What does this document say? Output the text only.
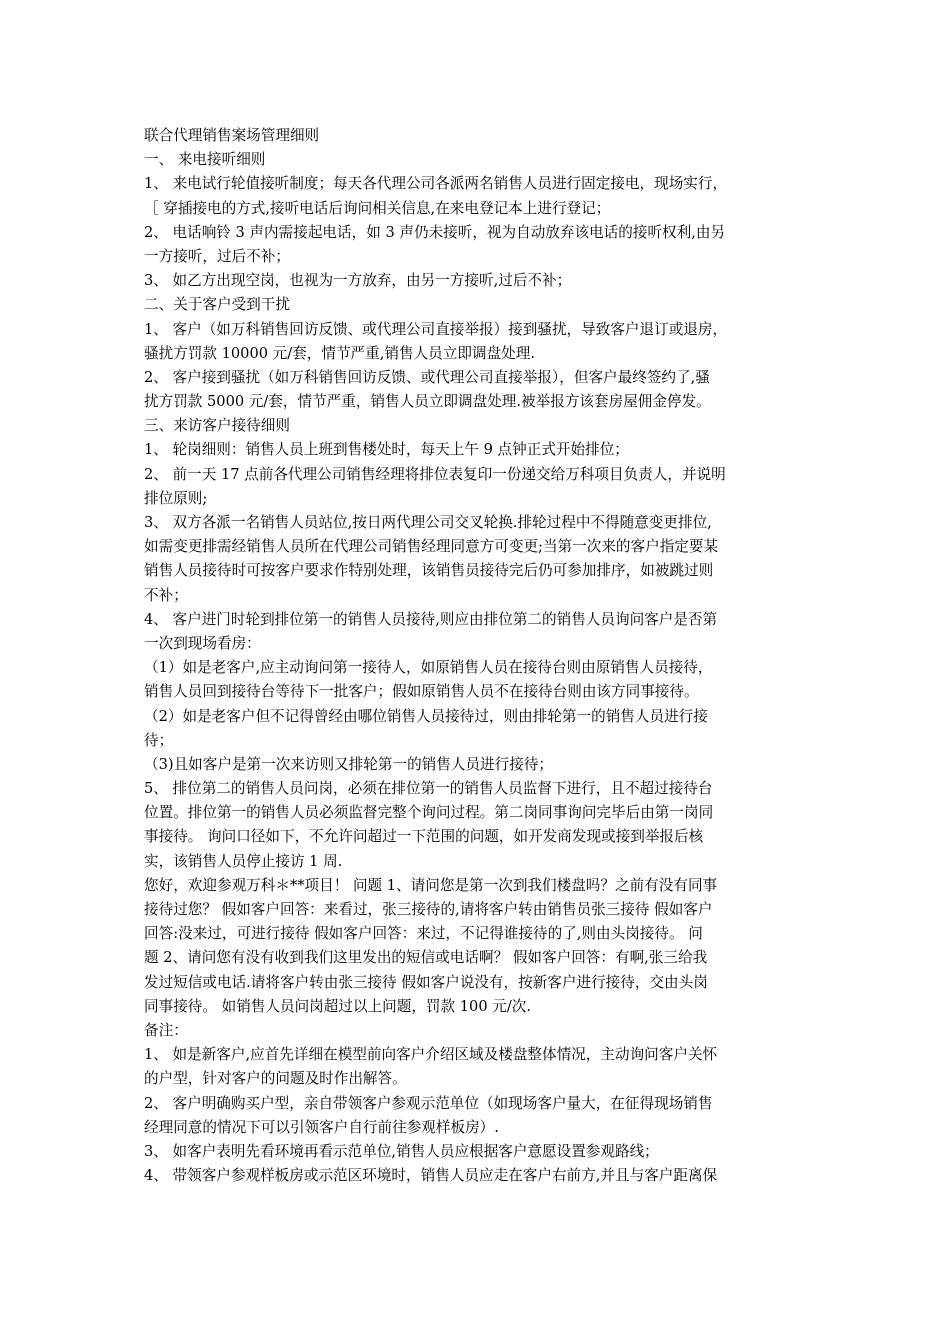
联合代理销售案场管理细则
一、 来电接听细则
1、 来电试行轮值接听制度；每天各代理公司各派两名销售人员进行固定接电，现场实行，
［ 穿插接电的方式,接听电话后询问相关信息,在来电登记本上进行登记；
2、 电话响铃 3 声内需接起电话，如 3 声仍未接听，视为自动放弃该电话的接听权利,由另
一方接听，过后不补；
3、 如乙方出现空岗，也视为一方放弃，由另一方接听,过后不补；
二、关于客户受到干扰
1、 客户（如万科销售回访反馈、或代理公司直接举报）接到骚扰，导致客户退订或退房，
骚扰方罚款 10000 元/套，情节严重,销售人员立即调盘处理.
2、 客户接到骚扰（如万科销售回访反馈、或代理公司直接举报），但客户最终签约了,骚
扰方罚款 5000 元/套，情节严重，销售人员立即调盘处理.被举报方该套房屋佣金停发。
三、来访客户接待细则
1、 轮岗细则：销售人员上班到售楼处时，每天上午 9 点钟正式开始排位；
2、 前一天 17 点前各代理公司销售经理将排位表复印一份递交给万科项目负责人，并说明
排位原则;
3、 双方各派一名销售人员站位,按日两代理公司交叉轮换.排轮过程中不得随意变更排位,
如需变更排需经销售人员所在代理公司销售经理同意方可变更;当第一次来的客户指定要某
销售人员接待时可按客户要求作特别处理，该销售员接待完后仍可参加排序，如被跳过则
不补；
4、 客户进门时轮到排位第一的销售人员接待,则应由排位第二的销售人员询问客户是否第
一次到现场看房：
（1）如是老客户,应主动询问第一接待人，如原销售人员在接待台则由原销售人员接待，
销售人员回到接待台等待下一批客户；假如原销售人员不在接待台则由该方同事接待。
（2）如是老客户但不记得曾经由哪位销售人员接待过，则由排轮第一的销售人员进行接
待；
（3)且如客户是第一次来访则又排轮第一的销售人员进行接待；
5、 排位第二的销售人员问岗，必须在排位第一的销售人员监督下进行，且不超过接待台
位置。排位第一的销售人员必须监督完整个询问过程。第二岗同事询问完毕后由第一岗同
事接待。 询问口径如下，不允许问超过一下范围的问题，如开发商发现或接到举报后核
实，该销售人员停止接访 1 周.
您好，欢迎参观万科＊**项目！ 问题 1、请问您是第一次到我们楼盘吗？之前有没有同事
接待过您？ 假如客户回答：来看过，张三接待的,请将客户转由销售员张三接待 假如客户
回答:没来过，可进行接待 假如客户回答：来过，不记得谁接待的了,则由头岗接待。 问
题 2、请问您有没有收到我们这里发出的短信或电话啊？ 假如客户回答：有啊,张三给我
发过短信或电话.请将客户转由张三接待 假如客户说没有，按新客户进行接待，交由头岗
同事接待。 如销售人员问岗超过以上问题，罚款 100 元/次.
备注：
1、 如是新客户,应首先详细在模型前向客户介绍区域及楼盘整体情况，主动询问客户关怀
的户型，针对客户的问题及时作出解答。
2、 客户明确购买户型，亲自带领客户参观示范单位（如现场客户量大，在征得现场销售
经理同意的情况下可以引领客户自行前往参观样板房）.
3、 如客户表明先看环境再看示范单位,销售人员应根据客户意愿设置参观路线；
4、 带领客户参观样板房或示范区环境时，销售人员应走在客户右前方,并且与客户距离保
